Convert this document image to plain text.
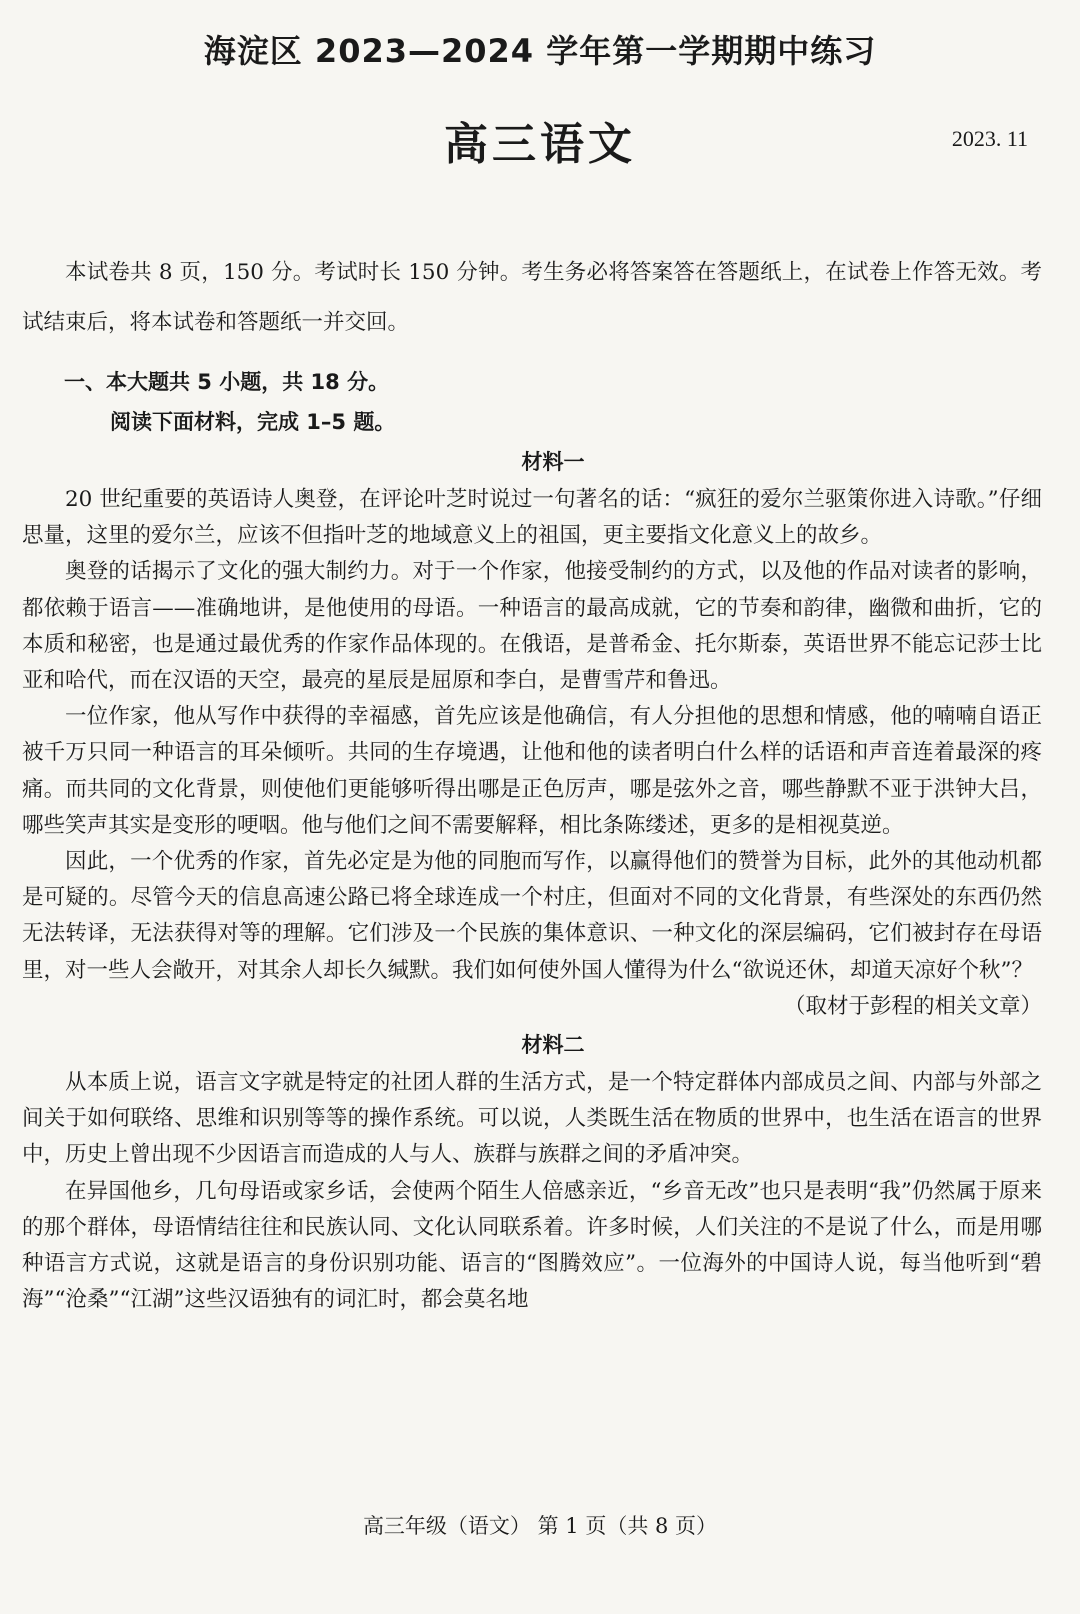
海淀区 2023—2024 学年第一学期期中练习
高三语文	2023. 11

本试卷共 8 页，150 分。考试时长 150 分钟。考生务必将答案答在答题纸上，在试卷上作答无效。考试结束后，将本试卷和答题纸一并交回。

一、本大题共 5 小题，共 18 分。

阅读下面材料，完成 1–5 题。

材料一

20 世纪重要的英语诗人奥登，在评论叶芝时说过一句著名的话：“疯狂的爱尔兰驱策你进入诗歌。”仔细思量，这里的爱尔兰，应该不但指叶芝的地域意义上的祖国，更主要指文化意义上的故乡。

奥登的话揭示了文化的强大制约力。对于一个作家，他接受制约的方式，以及他的作品对读者的影响，都依赖于语言——准确地讲，是他使用的母语。一种语言的最高成就，它的节奏和韵律，幽微和曲折，它的本质和秘密，也是通过最优秀的作家作品体现的。在俄语，是普希金、托尔斯泰，英语世界不能忘记莎士比亚和哈代，而在汉语的天空，最亮的星辰是屈原和李白，是曹雪芹和鲁迅。

一位作家，他从写作中获得的幸福感，首先应该是他确信，有人分担他的思想和情感，他的喃喃自语正被千万只同一种语言的耳朵倾听。共同的生存境遇，让他和他的读者明白什么样的话语和声音连着最深的疼痛。而共同的文化背景，则使他们更能够听得出哪是正色厉声，哪是弦外之音，哪些静默不亚于洪钟大吕，哪些笑声其实是变形的哽咽。他与他们之间不需要解释，相比条陈缕述，更多的是相视莫逆。

因此，一个优秀的作家，首先必定是为他的同胞而写作，以赢得他们的赞誉为目标，此外的其他动机都是可疑的。尽管今天的信息高速公路已将全球连成一个村庄，但面对不同的文化背景，有些深处的东西仍然无法转译，无法获得对等的理解。它们涉及一个民族的集体意识、一种文化的深层编码，它们被封存在母语里，对一些人会敞开，对其余人却长久缄默。我们如何使外国人懂得为什么“欲说还休，却道天凉好个秋”？

（取材于彭程的相关文章）

材料二

从本质上说，语言文字就是特定的社团人群的生活方式，是一个特定群体内部成员之间、内部与外部之间关于如何联络、思维和识别等等的操作系统。可以说，人类既生活在物质的世界中，也生活在语言的世界中，历史上曾出现不少因语言而造成的人与人、族群与族群之间的矛盾冲突。

在异国他乡，几句母语或家乡话，会使两个陌生人倍感亲近，“乡音无改”也只是表明“我”仍然属于原来的那个群体，母语情结往往和民族认同、文化认同联系着。许多时候，人们关注的不是说了什么，而是用哪种语言方式说，这就是语言的身份识别功能、语言的“图腾效应”。一位海外的中国诗人说，每当他听到“碧海”“沧桑”“江湖”这些汉语独有的词汇时，都会莫名地

高三年级（语文） 第 1 页（共 8 页）
